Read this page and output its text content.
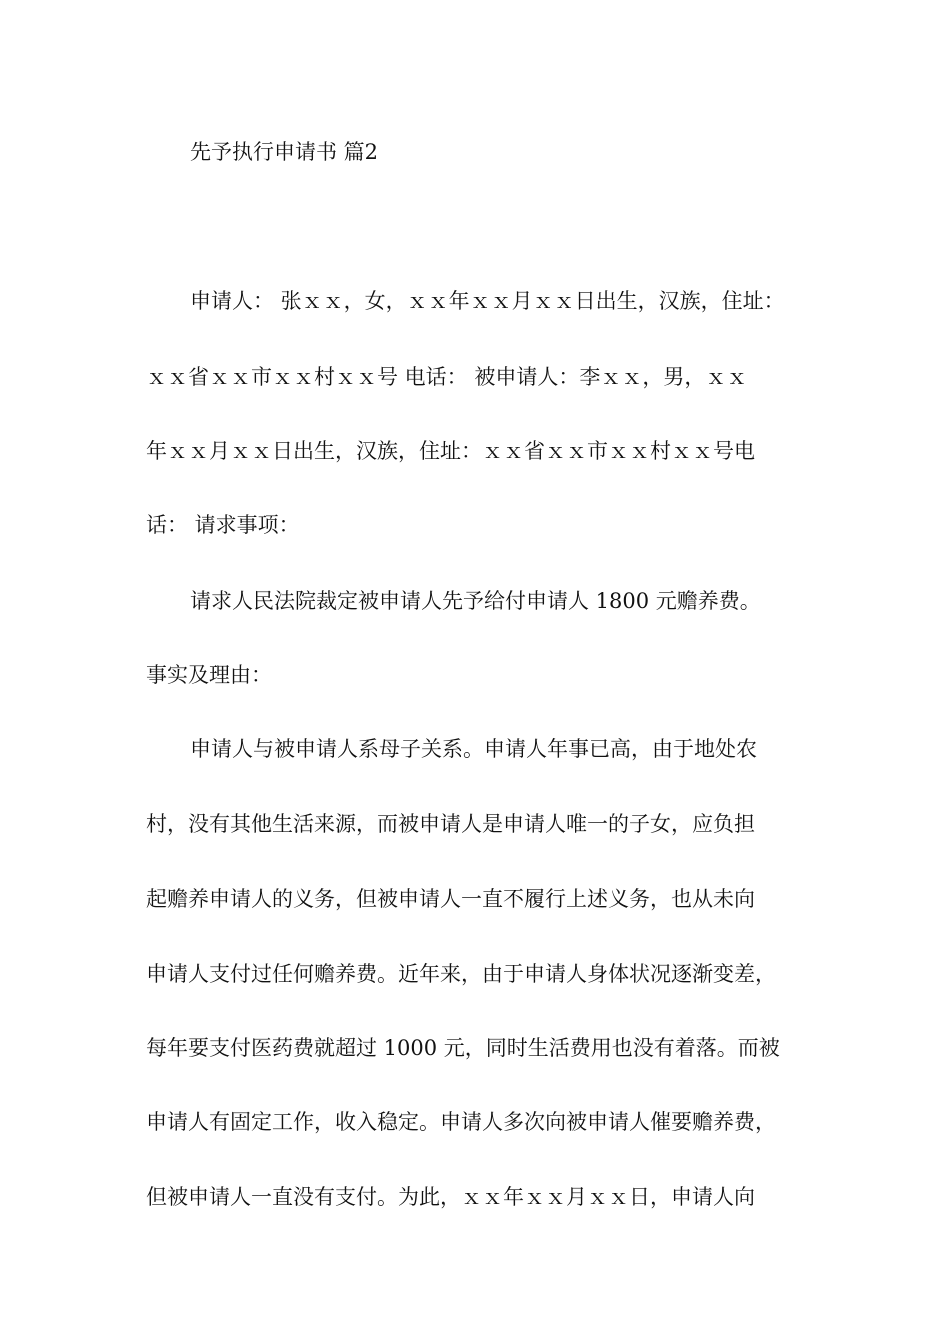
先予执行申请书 篇2
申请人： 张ｘｘ，女，ｘｘ年ｘｘ月ｘｘ日出生，汉族，住址：
ｘｘ省ｘｘ市ｘｘ村ｘｘ号 电话： 被申请人：李ｘｘ，男，ｘｘ
年ｘｘ月ｘｘ日出生，汉族，住址：ｘｘ省ｘｘ市ｘｘ村ｘｘ号电
话： 请求事项：
请求人民法院裁定被申请人先予给付申请人 1800 元赡养费。
事实及理由：
申请人与被申请人系母子关系。申请人年事已高，由于地处农
村，没有其他生活来源，而被申请人是申请人唯一的子女，应负担
起赡养申请人的义务，但被申请人一直不履行上述义务，也从未向
申请人支付过任何赡养费。近年来，由于申请人身体状况逐渐变差，
每年要支付医药费就超过 1000 元，同时生活费用也没有着落。而被
申请人有固定工作，收入稳定。申请人多次向被申请人催要赡养费，
但被申请人一直没有支付。为此，ｘｘ年ｘｘ月ｘｘ日，申请人向
